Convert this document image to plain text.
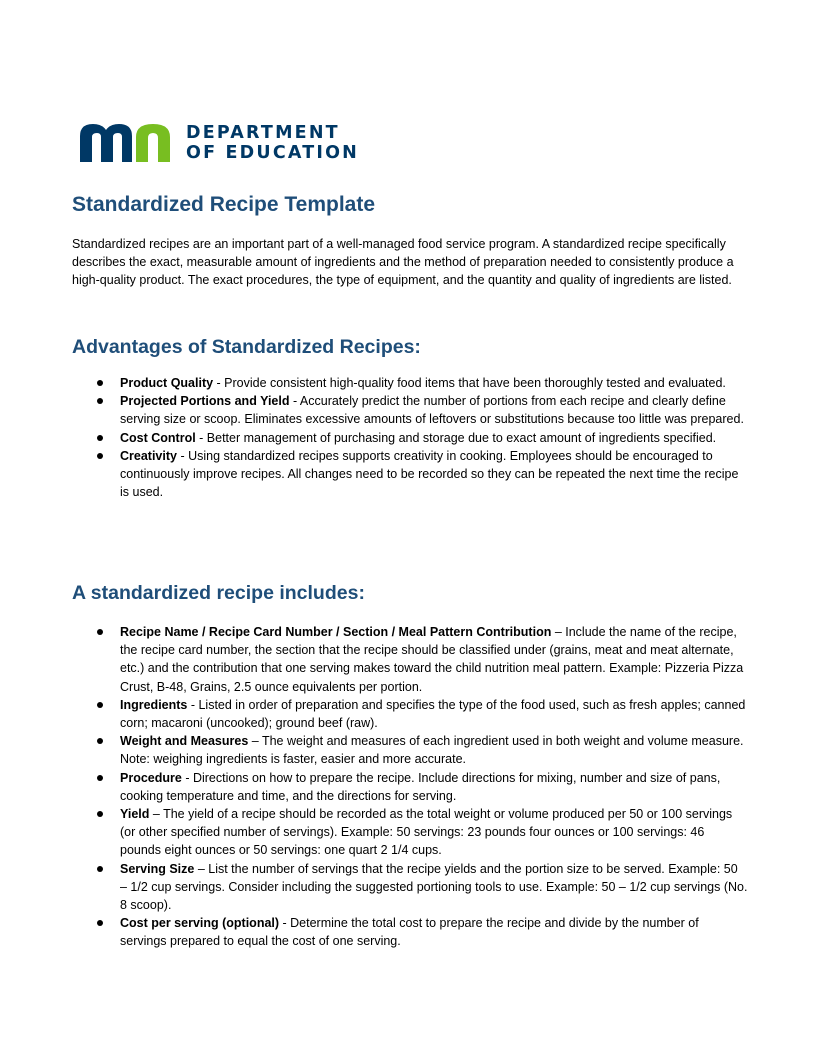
DEPARTMENT
OF EDUCATION
Standardized Recipe Template

Standardized recipes are an important part of a well-managed food service program. A standardized recipe specifically describes the exact, measurable amount of ingredients and the method of preparation needed to consistently produce a high-quality product. The exact procedures, the type of equipment, and the quantity and quality of ingredients are listed.

Advantages of Standardized Recipes:
Product Quality - Provide consistent high-quality food items that have been thoroughly tested and evaluated.
Projected Portions and Yield - Accurately predict the number of portions from each recipe and clearly define serving size or scoop. Eliminates excessive amounts of leftovers or substitutions because too little was prepared.
Cost Control - Better management of purchasing and storage due to exact amount of ingredients specified.
Creativity - Using standardized recipes supports creativity in cooking. Employees should be encouraged to continuously improve recipes. All changes need to be recorded so they can be repeated the next time the recipe is used.
A standardized recipe includes:
Recipe Name / Recipe Card Number / Section / Meal Pattern Contribution – Include the name of the recipe, the recipe card number, the section that the recipe should be classified under (grains, meat and meat alternate, etc.) and the contribution that one serving makes toward the child nutrition meal pattern. Example: Pizzeria Pizza Crust, B-48, Grains, 2.5 ounce equivalents per portion.
Ingredients - Listed in order of preparation and specifies the type of the food used, such as fresh apples; canned corn; macaroni (uncooked); ground beef (raw).
Weight and Measures – The weight and measures of each ingredient used in both weight and volume measure. Note: weighing ingredients is faster, easier and more accurate.
Procedure - Directions on how to prepare the recipe. Include directions for mixing, number and size of pans, cooking temperature and time, and the directions for serving.
Yield – The yield of a recipe should be recorded as the total weight or volume produced per 50 or 100 servings (or other specified number of servings). Example: 50 servings: 23 pounds four ounces or 100 servings: 46 pounds eight ounces or 50 servings: one quart 2 1/4 cups.
Serving Size – List the number of servings that the recipe yields and the portion size to be served. Example: 50 – 1/2 cup servings. Consider including the suggested portioning tools to use. Example: 50 – 1/2 cup servings (No. 8 scoop).
Cost per serving (optional) - Determine the total cost to prepare the recipe and divide by the number of servings prepared to equal the cost of one serving.
